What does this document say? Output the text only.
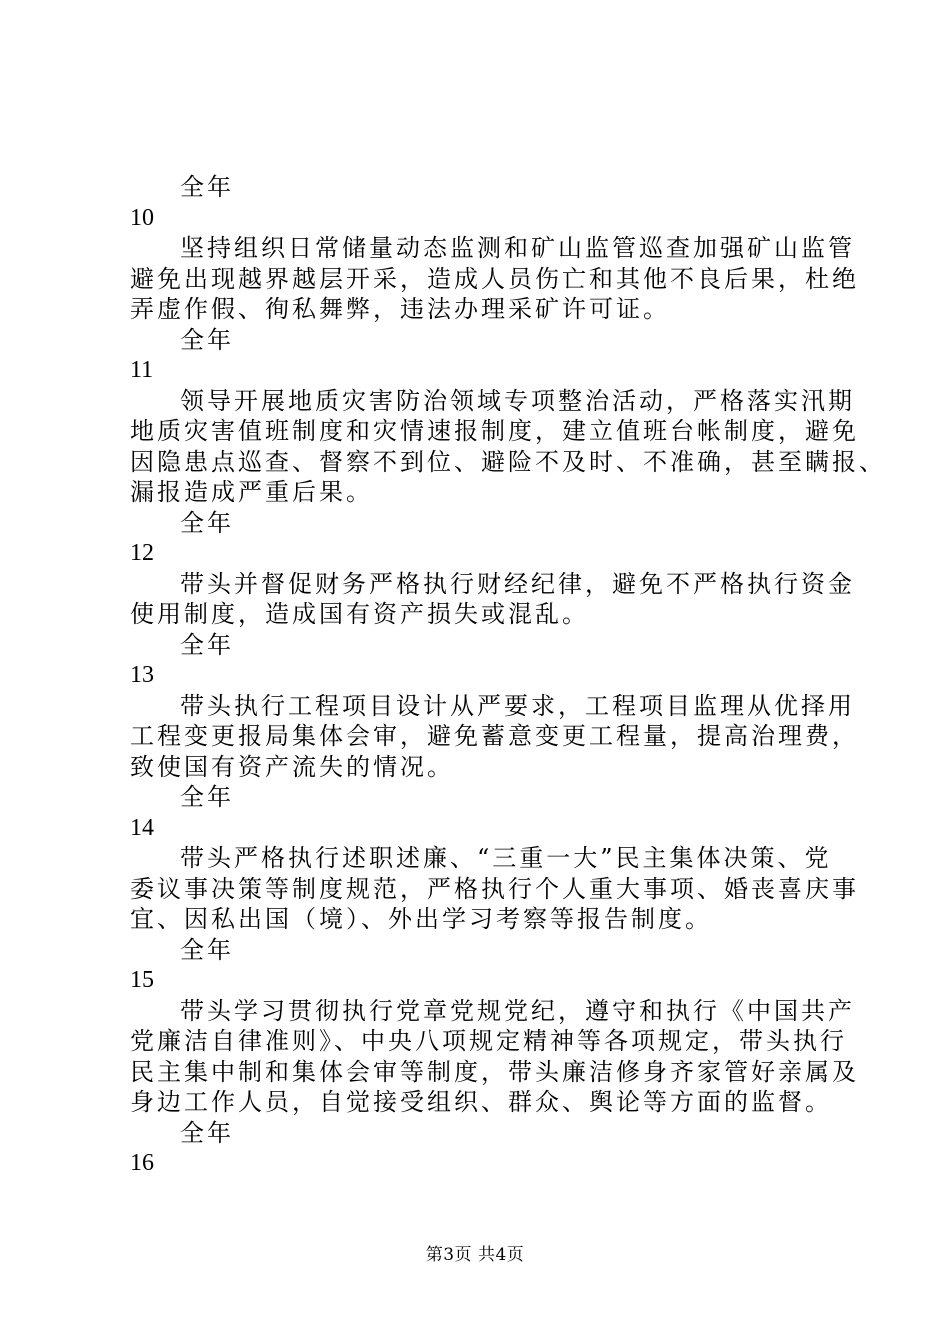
全年
10
坚持组织日常储量动态监测和矿山监管巡查加强矿山监管
避免出现越界越层开采，造成人员伤亡和其他不良后果，杜绝
弄虚作假、徇私舞弊，违法办理采矿许可证。
全年
11
领导开展地质灾害防治领域专项整治活动，严格落实汛期
地质灾害值班制度和灾情速报制度，建立值班台帐制度，避免
因隐患点巡查、督察不到位、避险不及时、不准确，甚至瞒报、
漏报造成严重后果。
全年
12
带头并督促财务严格执行财经纪律，避免不严格执行资金
使用制度，造成国有资产损失或混乱。
全年
13
带头执行工程项目设计从严要求，工程项目监理从优择用
工程变更报局集体会审，避免蓄意变更工程量，提高治理费，
致使国有资产流失的情况。
全年
14
带头严格执行述职述廉、“三重一大”民主集体决策、党
委议事决策等制度规范，严格执行个人重大事项、婚丧喜庆事
宜、因私出国（境）、外出学习考察等报告制度。
全年
15
带头学习贯彻执行党章党规党纪，遵守和执行《中国共产
党廉洁自律准则》、中央八项规定精神等各项规定，带头执行
民主集中制和集体会审等制度，带头廉洁修身齐家管好亲属及
身边工作人员，自觉接受组织、群众、舆论等方面的监督。
全年
16
第3页 共4页
